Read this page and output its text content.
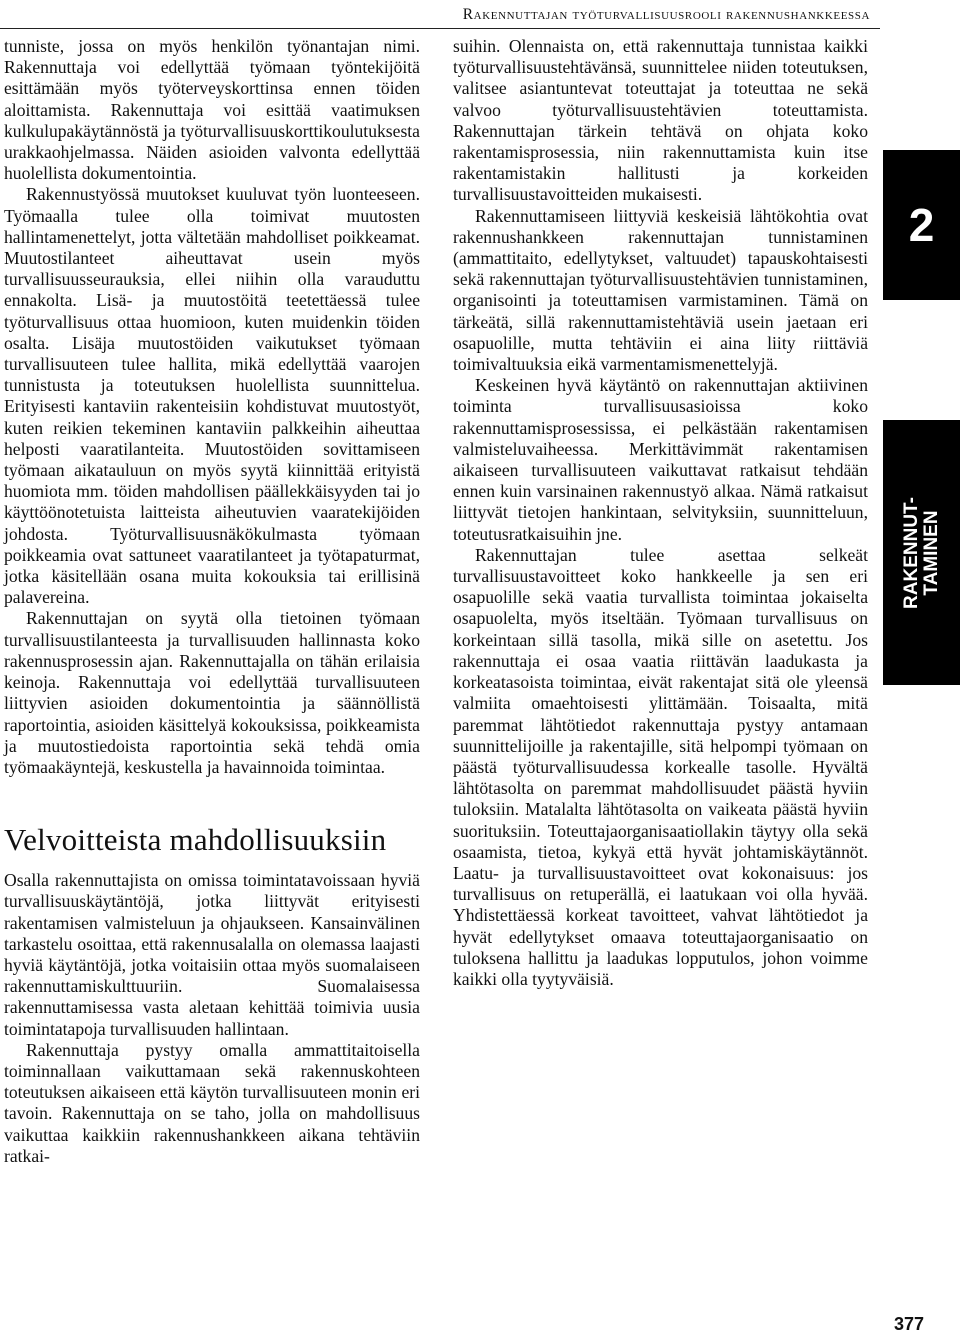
Rakennuttajan työturvallisuusrooli rakennushankkeessa

tunniste, jossa on myös henkilön työnantajan nimi. Rakennuttaja voi edellyttää työmaan työntekijöitä esittämään myös työterveyskorttinsa ennen töiden aloittamista. Rakennuttaja voi esittää vaatimuksen kulkulupakäytännöstä ja työturvallisuuskorttikoulutuksesta urakkaohjelmassa. Näiden asioiden valvonta edellyttää huolellista dokumentointia.

Rakennustyössä muutokset kuuluvat työn luonteeseen. Työmaalla tulee olla toimivat muutosten hallintamenettelyt, jotta vältetään mahdolliset poikkeamat. Muutostilanteet aiheuttavat usein myös turvallisuusseurauksia, ellei niihin olla varauduttu ennakolta. Lisä- ja muutostöitä teetettäessä tulee työturvallisuus ottaa huomioon, kuten muidenkin töiden osalta. Lisäja muutostöiden vaikutukset työmaan turvallisuuteen tulee hallita, mikä edellyttää vaarojen tunnistusta ja toteutuksen huolellista suunnittelua. Erityisesti kantaviin rakenteisiin kohdistuvat muutostyöt, kuten reikien tekeminen kantaviin palkkeihin aiheuttaa helposti vaaratilanteita. Muutostöiden sovittamiseen työmaan aikatauluun on myös syytä kiinnittää erityistä huomiota mm. töiden mahdollisen päällekkäisyyden tai jo käyttöönotetuista laitteista aiheutuvien vaaratekijöiden johdosta. Työturvallisuusnäkökulmasta työmaan poikkeamia ovat sattuneet vaaratilanteet ja työtapaturmat, jotka käsitellään osana muita kokouksia tai erillisinä palavereina.

Rakennuttajan on syytä olla tietoinen työmaan turvallisuustilanteesta ja turvallisuuden hallinnasta koko rakennusprosessin ajan. Rakennuttajalla on tähän erilaisia keinoja. Rakennuttaja voi edellyttää turvallisuuteen liittyvien asioiden dokumentointia ja säännöllistä raportointia, asioiden käsittelyä kokouksissa, poikkeamista ja muutostiedoista raportointia sekä tehdä omia työmaakäyntejä, keskustella ja havainnoida toimintaa.

Velvoitteista mahdollisuuksiin

Osalla rakennuttajista on omissa toimintatavoissaan hyviä turvallisuuskäytäntöjä, jotka liittyvät erityisesti rakentamisen valmisteluun ja ohjaukseen. Kansainvälinen tarkastelu osoittaa, että rakennusalalla on olemassa laajasti hyviä käytäntöjä, jotka voitaisiin ottaa myös suomalaiseen rakennuttamiskulttuuriin. Suomalaisessa rakennuttamisessa vasta aletaan kehittää toimivia uusia toimintatapoja turvallisuuden hallintaan.

Rakennuttaja pystyy omalla ammattitaitoisella toiminnallaan vaikuttamaan sekä rakennuskohteen toteutuksen aikaiseen että käytön turvallisuuteen monin eri tavoin. Rakennuttaja on se taho, jolla on mahdollisuus vaikuttaa kaikkiin rakennushankkeen aikana tehtäviin ratkai-

suihin. Olennaista on, että rakennuttaja tunnistaa kaikki työturvallisuustehtävänsä, suunnittelee niiden toteutuksen, valitsee asiantuntevat toteuttajat ja toteuttaa ne sekä valvoo työturvallisuustehtävien toteuttamista. Rakennuttajan tärkein tehtävä on ohjata koko rakentamisprosessia, niin rakennuttamista kuin itse rakentamistakin hallitusti ja korkeiden turvallisuustavoitteiden mukaisesti.

Rakennuttamiseen liittyviä keskeisiä lähtökohtia ovat rakennushankkeen rakennuttajan tunnistaminen (ammattitaito, edellytykset, valtuudet) tapauskohtaisesti sekä rakennuttajan työturvallisuustehtävien tunnistaminen, organisointi ja toteuttamisen varmistaminen. Tämä on tärkeätä, sillä rakennuttamistehtäviä usein jaetaan eri osapuolille, mutta tehtäviin ei aina liity riittäviä toimivaltuuksia eikä varmentamismenettelyjä.

Keskeinen hyvä käytäntö on rakennuttajan aktiivinen toiminta turvallisuusasioissa koko rakennuttamisprosessissa, ei pelkästään rakentamisen valmisteluvaiheessa. Merkittävimmät rakentamisen aikaiseen turvallisuuteen vaikuttavat ratkaisut tehdään ennen kuin varsinainen rakennustyö alkaa. Nämä ratkaisut liittyvät tietojen hankintaan, selvityksiin, suunnitteluun, toteutusratkaisuihin jne.

Rakennuttajan tulee asettaa selkeät turvallisuustavoitteet koko hankkeelle ja sen eri osapuolille sekä vaatia turvallista toimintaa jokaiselta osapuolelta, myös itseltään. Työmaan turvallisuus on korkeintaan sillä tasolla, mikä sille on asetettu. Jos rakennuttaja ei osaa vaatia riittävän laadukasta ja korkeatasoista toimintaa, eivät rakentajat sitä ole yleensä valmiita omaehtoisesti ylittämään. Toisaalta, mitä paremmat lähtötiedot rakennuttaja pystyy antamaan suunnittelijoille ja rakentajille, sitä helpompi työmaan on päästä työturvallisuudessa korkealle tasolle. Hyvältä lähtötasolta on paremmat mahdollisuudet päästä hyviin tuloksiin. Matalalta lähtötasolta on vaikeata päästä hyviin suorituksiin. Toteuttajaorganisaatiollakin täytyy olla sekä osaamista, tietoa, kykyä että hyvät johtamiskäytännöt. Laatu- ja turvallisuustavoitteet ovat kokonaisuus: jos turvallisuus on retuperällä, ei laatukaan voi olla hyvää. Yhdistettäessä korkeat tavoitteet, vahvat lähtötiedot ja hyvät edellytykset omaava toteuttajaorganisaatio on tuloksena hallittu ja laadukas lopputulos, johon voimme kaikki olla tyytyväisiä.

2
RAKENNUT- TAMINEN
377
